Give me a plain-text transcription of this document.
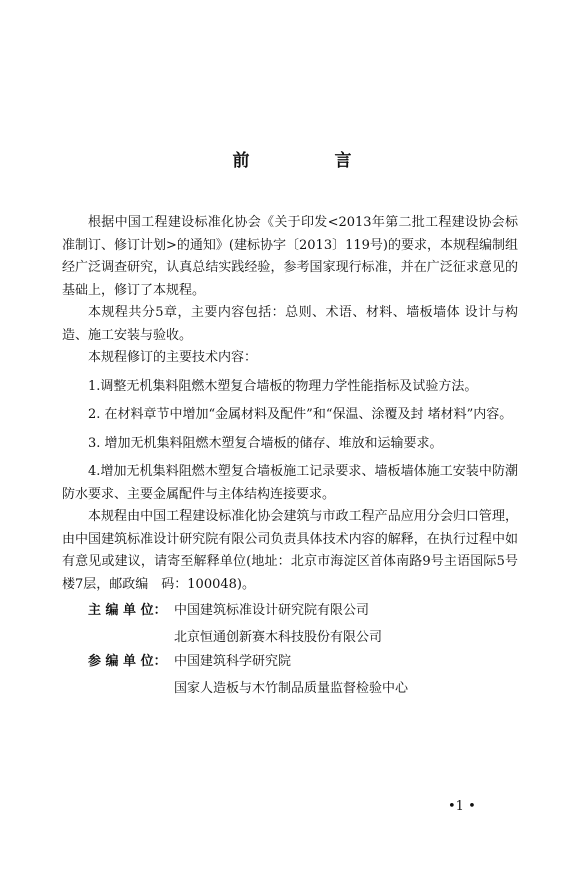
前　言

根据中国工程建设标准化协会《关于印发<2013年第二批工程建设协会标准制订、修订计划>的通知》(建标协字〔2013〕119号)的要求，本规程编制组经广泛调查研究，认真总结实践经验，参考国家现行标准，并在广泛征求意见的基础上，修订了本规程。

本规程共分5章，主要内容包括：总则、术语、材料、墙板墙体 设计与构造、施工安装与验收。

本规程修订的主要技术内容：

1.调整无机集料阻燃木塑复合墙板的物理力学性能指标及试验方法。

2. 在材料章节中增加“金属材料及配件”和“保温、涂覆及封 堵材料”内容。

3. 增加无机集料阻燃木塑复合墙板的储存、堆放和运输要求。

4.增加无机集料阻燃木塑复合墙板施工记录要求、墙板墙体施工安装中防潮防水要求、主要金属配件与主体结构连接要求。

本规程由中国工程建设标准化协会建筑与市政工程产品应用分会归口管理，由中国建筑标准设计研究院有限公司负责具体技术内容的解释，在执行过程中如有意见或建议，请寄至解释单位(地址：北京市海淀区首体南路9号主语国际5号楼7层，邮政编　码：100048)。

主 编 单 位： 中国建筑标准设计研究院有限公司
北京恒通创新赛木科技股份有限公司
参 编 单 位： 中国建筑科学研究院
国家人造板与木竹制品质量监督检验中心
•1 •
